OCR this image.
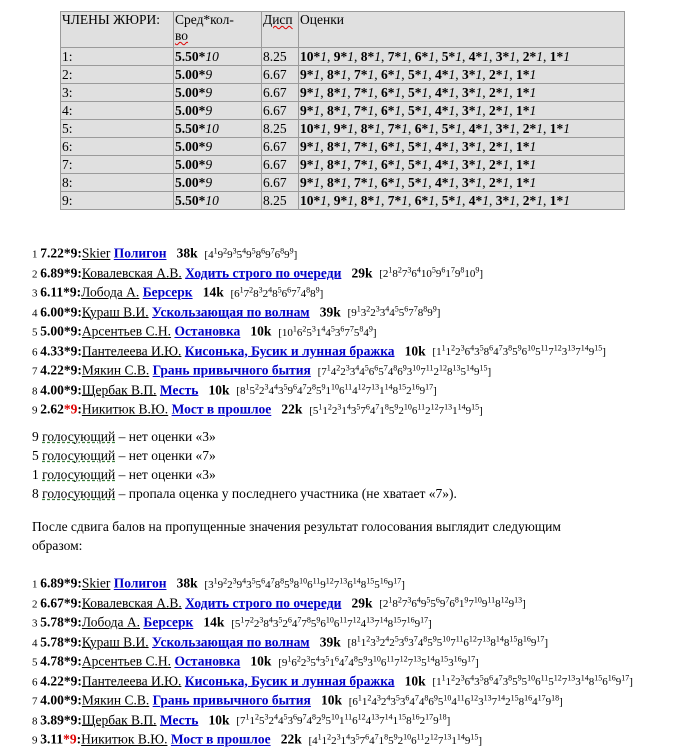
ЧЛЕНЫ ЖЮРИ:	Сред*кол-
во	Дисп	Оценки
1:	5.50*10	8.25	10*1, 9*1, 8*1, 7*1, 6*1, 5*1, 4*1, 3*1, 2*1, 1*1
2:	5.00*9	6.67	9*1, 8*1, 7*1, 6*1, 5*1, 4*1, 3*1, 2*1, 1*1
3:	5.00*9	6.67	9*1, 8*1, 7*1, 6*1, 5*1, 4*1, 3*1, 2*1, 1*1
4:	5.00*9	6.67	9*1, 8*1, 7*1, 6*1, 5*1, 4*1, 3*1, 2*1, 1*1
5:	5.50*10	8.25	10*1, 9*1, 8*1, 7*1, 6*1, 5*1, 4*1, 3*1, 2*1, 1*1
6:	5.00*9	6.67	9*1, 8*1, 7*1, 6*1, 5*1, 4*1, 3*1, 2*1, 1*1
7:	5.00*9	6.67	9*1, 8*1, 7*1, 6*1, 5*1, 4*1, 3*1, 2*1, 1*1
8:	5.00*9	6.67	9*1, 8*1, 7*1, 6*1, 5*1, 4*1, 3*1, 2*1, 1*1
9:	5.50*10	8.25	10*1, 9*1, 8*1, 7*1, 6*1, 5*1, 4*1, 3*1, 2*1, 1*1
1 7.22*9:Skier Полигон 38k $[4^19^29^35^49^58^69^76^89^9]$
2 6.89*9:Ковалевская А.В. Ходить строго по очереди 29k $[2^18^27^36^410^59^61^79^810^9]$
3 6.11*9:Лобода А. Берсерк 14k $[6^17^28^32^48^56^67^74^88^9]$
4 6.00*9:Кураш В.И. Ускользающая по волнам 39k $[9^13^22^33^44^55^67^78^89^9]$
5 5.00*9:Арсентьев С.Н. Остановка 10k $[10^16^25^31^44^53^67^75^84^9]$
6 4.33*9:Пантелеева И.Ю. Кисонька, Бусик и лунная бражка 10k $[1^11^22^36^43^58^64^73^85^96^{10}5^{11}7^{12}3^{13}7^{14}9^{15}]$
7 4.22*9:Мякин С.В. Грань привычного бытия $[7^14^22^33^44^56^65^74^86^93^{10}7^{11}2^{12}8^{13}5^{14}9^{15}]$
8 4.00*9:Щербак В.П. Месть 10k $[8^15^22^34^43^59^64^72^85^91^{10}6^{11}4^{12}7^{13}1^{14}8^{15}2^{16}9^{17}]$
9 2.62*9:Никитюк В.Ю. Мост в прошлое 22k $[5^11^22^31^43^57^64^71^85^92^{10}6^{11}2^{12}7^{13}1^{14}9^{15}]$
9 голосующий – нет оценки «3»
5 голосующий – нет оценки «7»
1 голосующий – нет оценки «3»
8 голосующий – пропала оценка у последнего участника (не хватает «7»).

После сдвига балов на пропущенные значения результат голосования выглядит следующим образом:

1 6.89*9:Skier Полигон 38k $[3^19^22^39^43^55^64^78^85^98^{10}6^{11}9^{12}7^{13}6^{14}8^{15}5^{16}9^{17}]$
2 6.67*9:Ковалевская А.В. Ходить строго по очереди 29k $[2^18^27^36^49^55^69^76^81^97^{10}9^{11}8^{12}9^{13}]$
3 5.78*9:Лобода А. Берсерк 14k $[5^17^22^38^43^52^64^77^85^96^{10}6^{11}7^{12}4^{13}7^{14}8^{15}7^{16}9^{17}]$
4 5.78*9:Кураш В.И. Ускользающая по волнам 39k $[8^11^23^32^42^53^63^74^85^95^{10}7^{11}6^{12}7^{13}8^{14}8^{15}8^{16}9^{17}]$
5 4.78*9:Арсентьев С.Н. Остановка 10k $[9^16^22^35^43^51^64^74^85^93^{10}6^{11}7^{12}7^{13}5^{14}8^{15}3^{16}9^{17}]$
6 4.22*9:Пантелеева И.Ю. Кисонька, Бусик и лунная бражка 10k $[1^11^22^36^43^58^64^73^85^95^{10}6^{11}5^{12}7^{13}3^{14}8^{15}6^{16}9^{17}]$
7 4.00*9:Мякин С.В. Грань привычного бытия 10k $[6^11^24^32^43^53^64^74^86^95^{10}4^{11}6^{12}3^{13}7^{14}2^{15}8^{16}4^{17}9^{18}]$
8 3.89*9:Щербак В.П. Месть 10k $[7^11^25^32^44^53^69^74^82^95^{10}1^{11}6^{12}4^{13}7^{14}1^{15}8^{16}2^{17}9^{18}]$
9 3.11*9:Никитюк В.Ю. Мост в прошлое 22k $[4^11^22^31^43^57^64^71^85^92^{10}6^{11}2^{12}7^{13}1^{14}9^{15}]$
